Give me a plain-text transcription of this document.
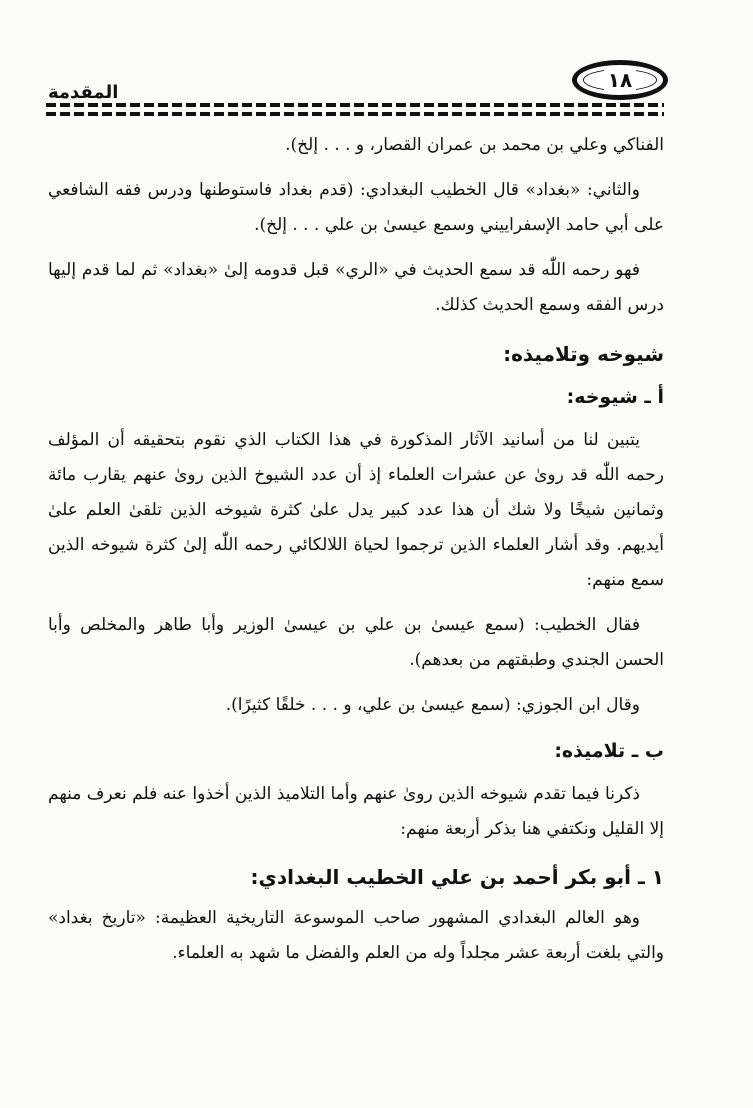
المقدمة
١٨

الفناكي وعلي بن محمد بن عمران القصار، و . . . إلخ).

والثاني: «بغداد» قال الخطيب البغدادي: (قدم بغداد فاستوطنها ودرس فقه الشافعي على أبي حامد الإسفراييني وسمع عيسىٰ بن علي . . . إلخ).

فهو رحمه اللّٰه قد سمع الحديث في «الري» قبل قدومه إلىٰ «بغداد» ثم لما قدم إليها درس الفقه وسمع الحديث كذلك.

شيوخه وتلاميذه:
أ ـ شيوخه:

يتبين لنا من أسانيد الآثار المذكورة في هذا الكتاب الذي نقوم بتحقيقه أن المؤلف رحمه اللّٰه قد روىٰ عن عشرات العلماء إذ أن عدد الشيوخ الذين روىٰ عنهم يقارب مائة وثمانين شيخًا ولا شك أن هذا عدد كبير يدل علىٰ كثرة شيوخه الذين تلقىٰ العلم علىٰ أيديهم. وقد أشار العلماء الذين ترجموا لحياة اللالكائي رحمه اللّٰه إلىٰ كثرة شيوخه الذين سمع منهم:

فقال الخطيب: (سمع عيسىٰ بن علي بن عيسىٰ الوزير وأبا طاهر والمخلص وأبا الحسن الجندي وطبقتهم من بعدهم).

وقال ابن الجوزي: (سمع عيسىٰ بن علي، و . . . خلقًا كثيرًا).

ب ـ تلاميذه:

ذكرنا فيما تقدم شيوخه الذين روىٰ عنهم وأما التلاميذ الذين أخذوا عنه فلم نعرف منهم إلا القليل ونكتفي هنا بذكر أربعة منهم:

١ ـ أبو بكر أحمد بن علي الخطيب البغدادي:

وهو العالم البغدادي المشهور صاحب الموسوعة التاريخية العظيمة: «تاريخ بغداد» والتي بلغت أربعة عشر مجلداً وله من العلم والفضل ما شهد به العلماء.
